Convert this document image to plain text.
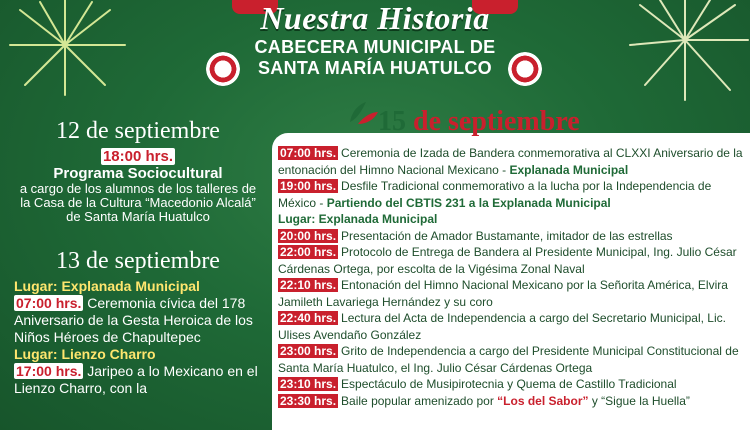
Nuestra Historia
CABECERA MUNICIPAL DE
SANTA MARÍA HUATULCO
12 de septiembre
18:00 hrs.
Programa Sociocultural
a cargo de los alumnos de los talleres de la Casa de la Cultura “Macedonio Alcalá” de Santa María Huatulco
13 de septiembre
Lugar: Explanada Municipal
07:00 hrs. Ceremonia cívica del 178 Aniversario de la Gesta Heroica de los Niños Héroes de Chapultepec
Lugar: Lienzo Charro
17:00 hrs. Jaripeo a lo Mexicano en el Lienzo Charro, con la
15 de septiembre
07:00 hrs. Ceremonia de Izada de Bandera conmemorativa al CLXXI Aniversario de la entonación del Himno Nacional Mexicano - Explanada Municipal
19:00 hrs. Desfile Tradicional conmemorativo a la lucha por la Independencia de México - Partiendo del CBTIS 231 a la Explanada Municipal
Lugar: Explanada Municipal
20:00 hrs. Presentación de Amador Bustamante, imitador de las estrellas
22:00 hrs. Protocolo de Entrega de Bandera al Presidente Municipal, Ing. Julio César Cárdenas Ortega, por escolta de la Vigésima Zonal Naval
22:10 hrs. Entonación del Himno Nacional Mexicano por la Señorita América, Elvira Jamileth Lavariega Hernández y su coro
22:40 hrs. Lectura del Acta de Independencia a cargo del Secretario Municipal, Lic. Ulises Avendaño González
23:00 hrs. Grito de Independencia a cargo del Presidente Municipal Constitucional de Santa María Huatulco, el Ing. Julio César Cárdenas Ortega
23:10 hrs. Espectáculo de Musipirotecnia y Quema de Castillo Tradicional
23:30 hrs. Baile popular amenizado por “Los del Sabor” y “Sigue la Huella”
